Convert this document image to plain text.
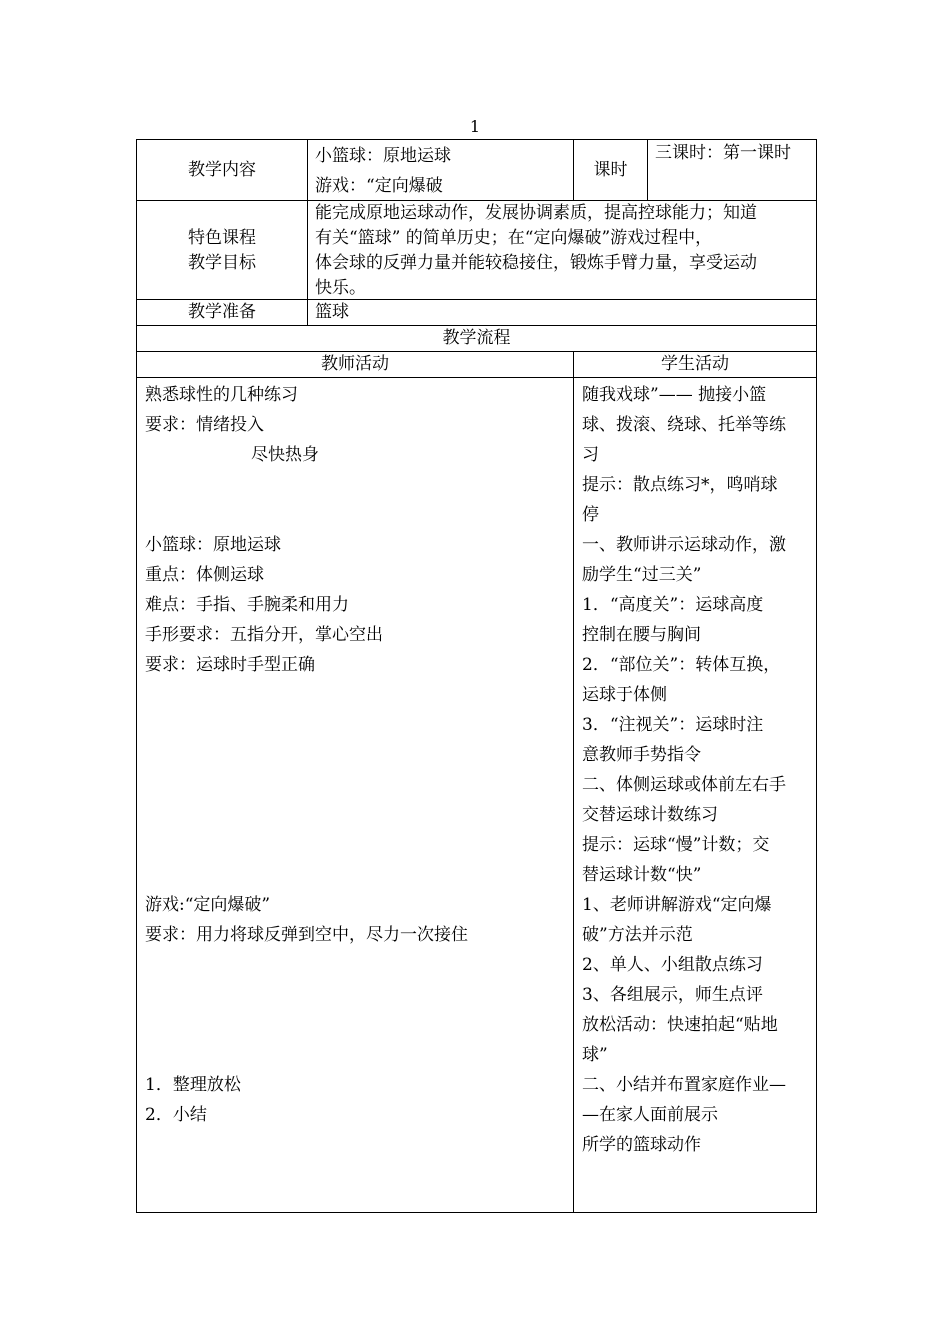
1
教学内容
小篮球：原地运球
游戏：“定向爆破
课时
三课时：第一课时
特色课程
教学目标
能完成原地运球动作，发展协调素质，提高控球能力；知道
有关“篮球” 的简单历史；在“定向爆破”游戏过程中，
体会球的反弹力量并能较稳接住，锻炼手臂力量，享受运动
快乐。
教学准备	篮球
教学流程
教师活动	学生活动
熟悉球性的几种练习
要求：情绪投入
尽快热身
小篮球：原地运球
重点：体侧运球
难点：手指、手腕柔和用力
手形要求：五指分开，掌心空出
要求：运球时手型正确
游戏:“定向爆破”
要求：用力将球反弹到空中，尽力一次接住
1．整理放松
2．小结
随我戏球”—— 抛接小篮
球、拨滚、绕球、托举等练
习
提示：散点练习*，鸣哨球
停
一、教师讲示运球动作，激
励学生“过三关”
1．“高度关”：运球高度
控制在腰与胸间
2．“部位关”：转体互换，
运球于体侧
3．“注视关”：运球时注
意教师手势指令
二、体侧运球或体前左右手
交替运球计数练习
提示：运球“慢”计数；交
替运球计数“快”
1、老师讲解游戏“定向爆
破”方法并示范
2、单人、小组散点练习
3、各组展示，师生点评
放松活动：快速拍起“贴地
球”
二、小结并布置家庭作业—
—在家人面前展示
所学的篮球动作
